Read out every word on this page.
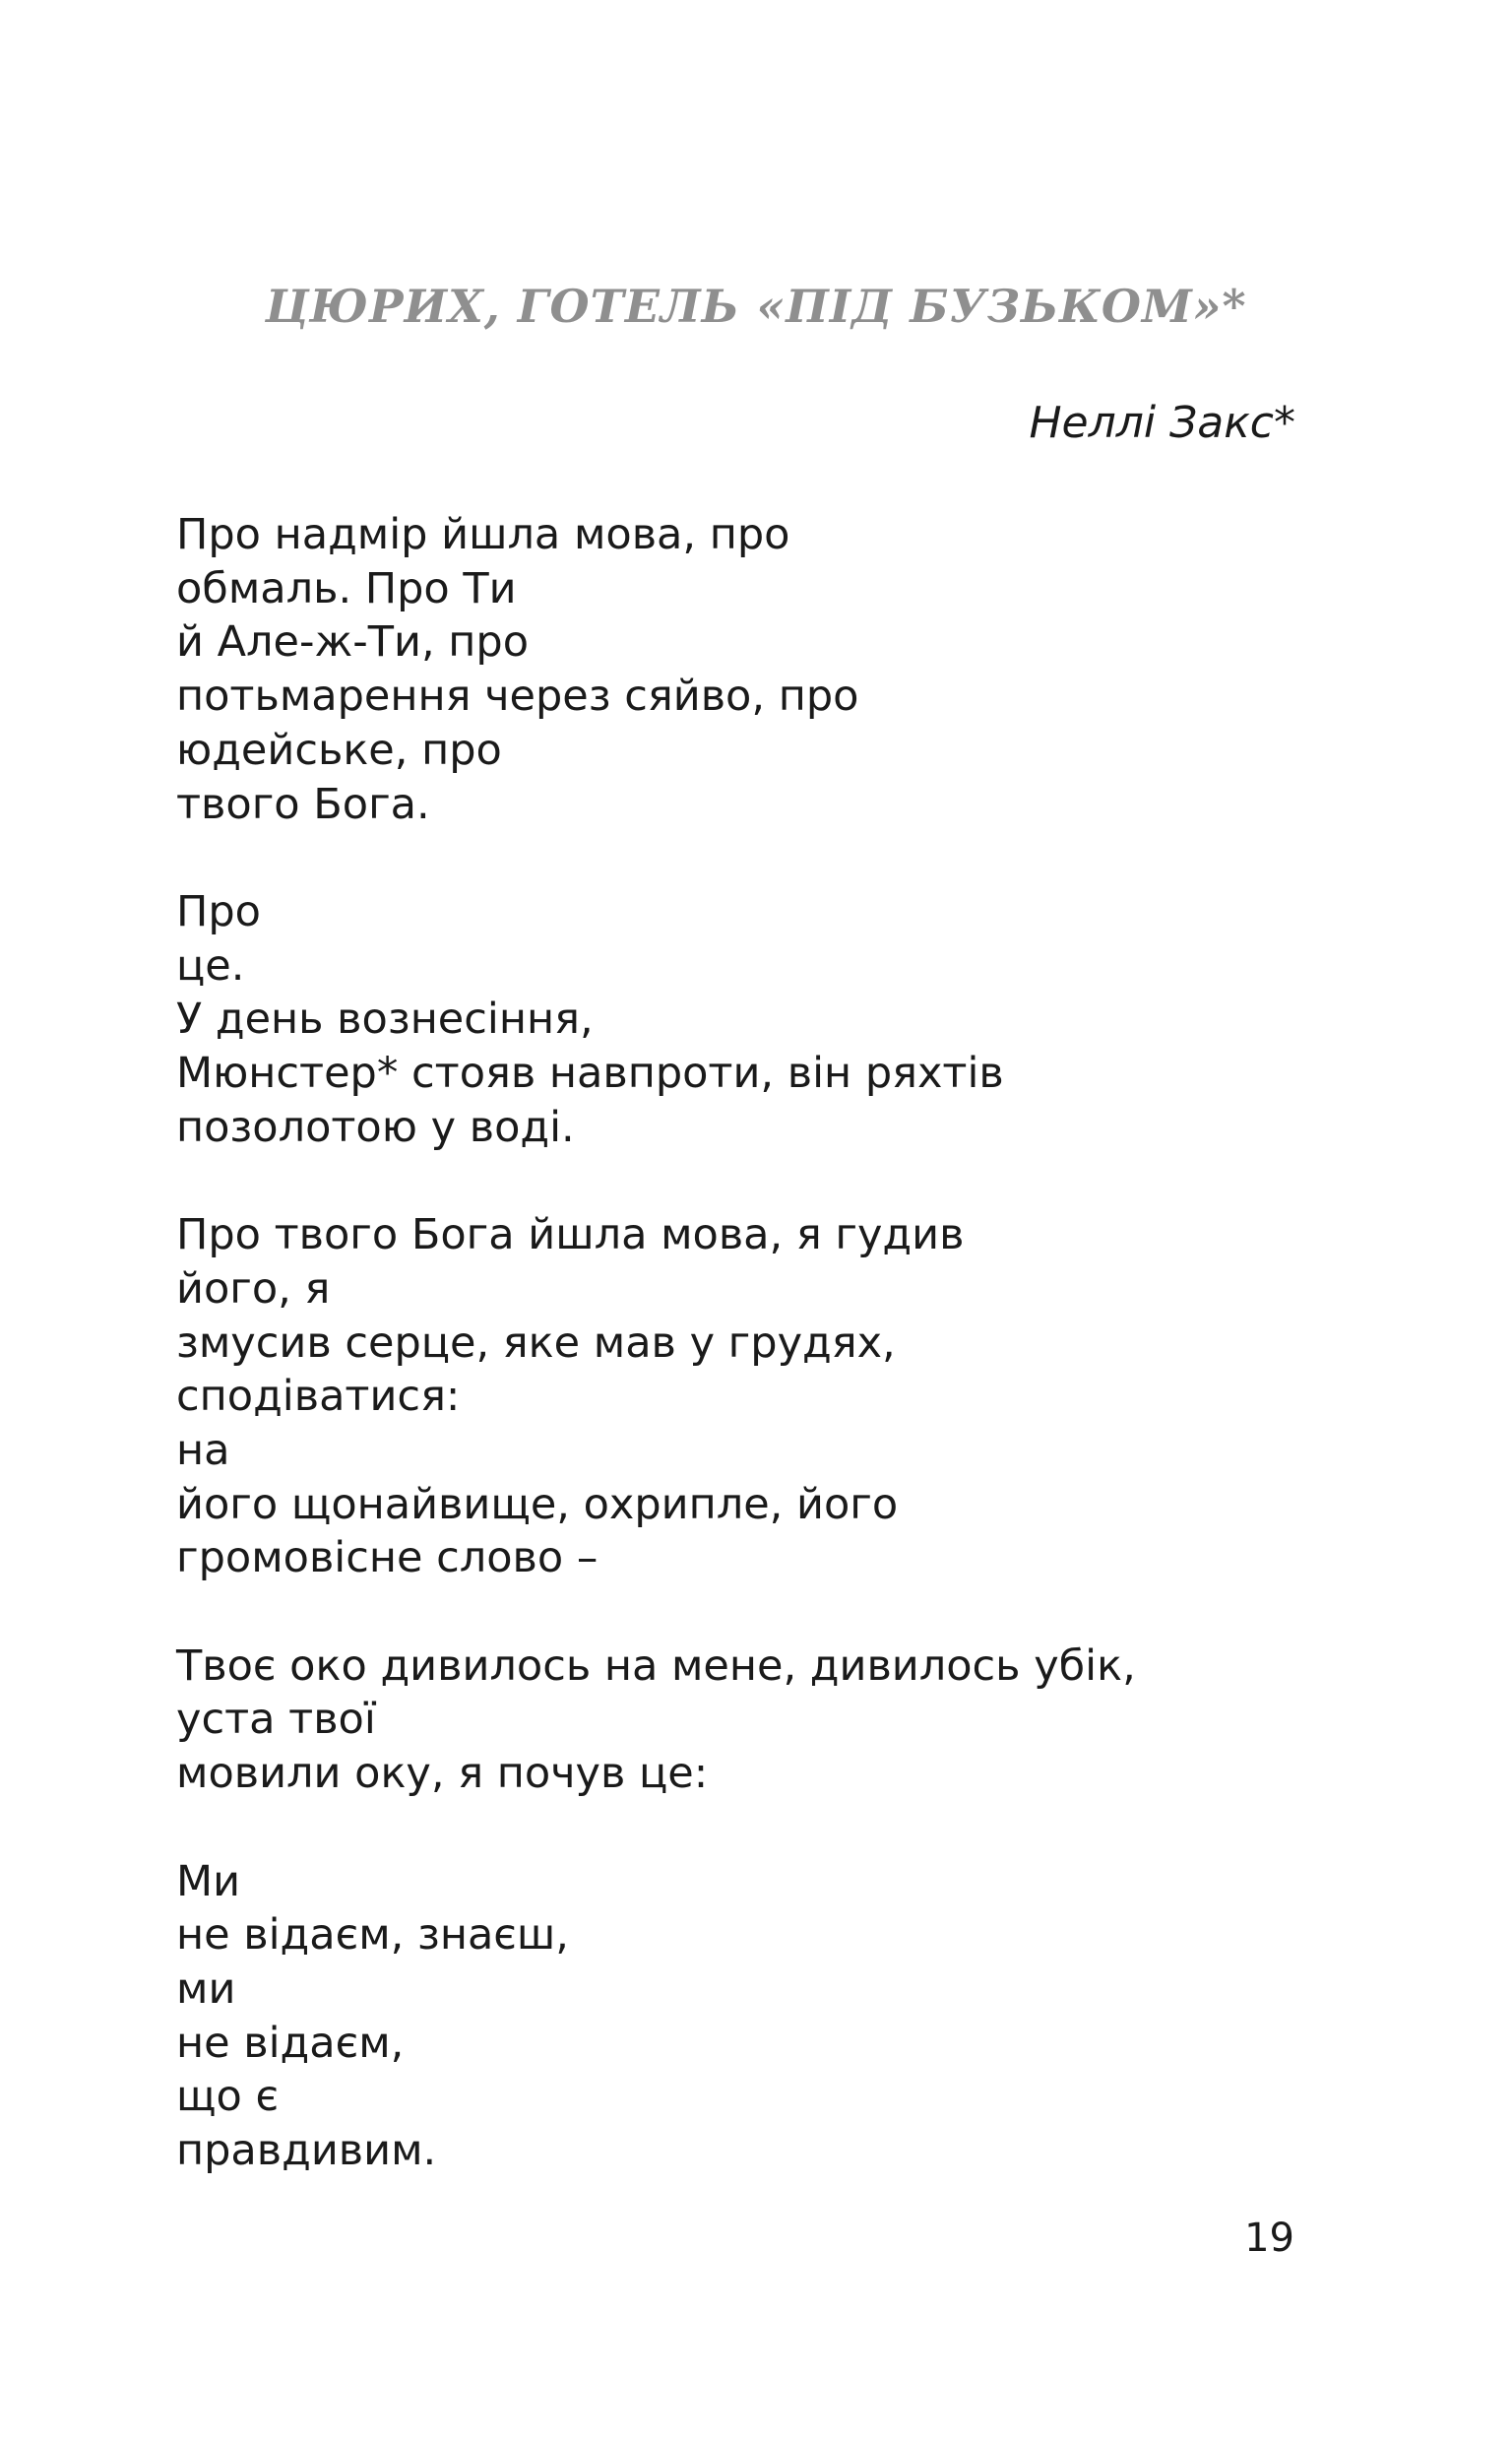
ЦЮРИХ, ГОТЕЛЬ «ПІД БУЗЬКОМ»*

Неллі Закс*

Про надмір йшла мова, про
обмаль. Про Ти
й Але-ж-Ти, про
потьмарення через сяйво, про
юдейське, про
твого Бога.
Про
це.
У день вознесіння,
Мюнстер* стояв навпроти, він ряхтів
позолотою у воді.
Про твого Бога йшла мова, я гудив
його, я
змусив серце, яке мав у грудях,
сподіватися:
на
його щонайвище, охрипле, його
громовісне слово –
Твоє око дивилось на мене, дивилось убік,
уста твої
мовили оку, я почув це:
Ми
не відаєм, знаєш,
ми
не відаєм,
що є
правдивим.

19
